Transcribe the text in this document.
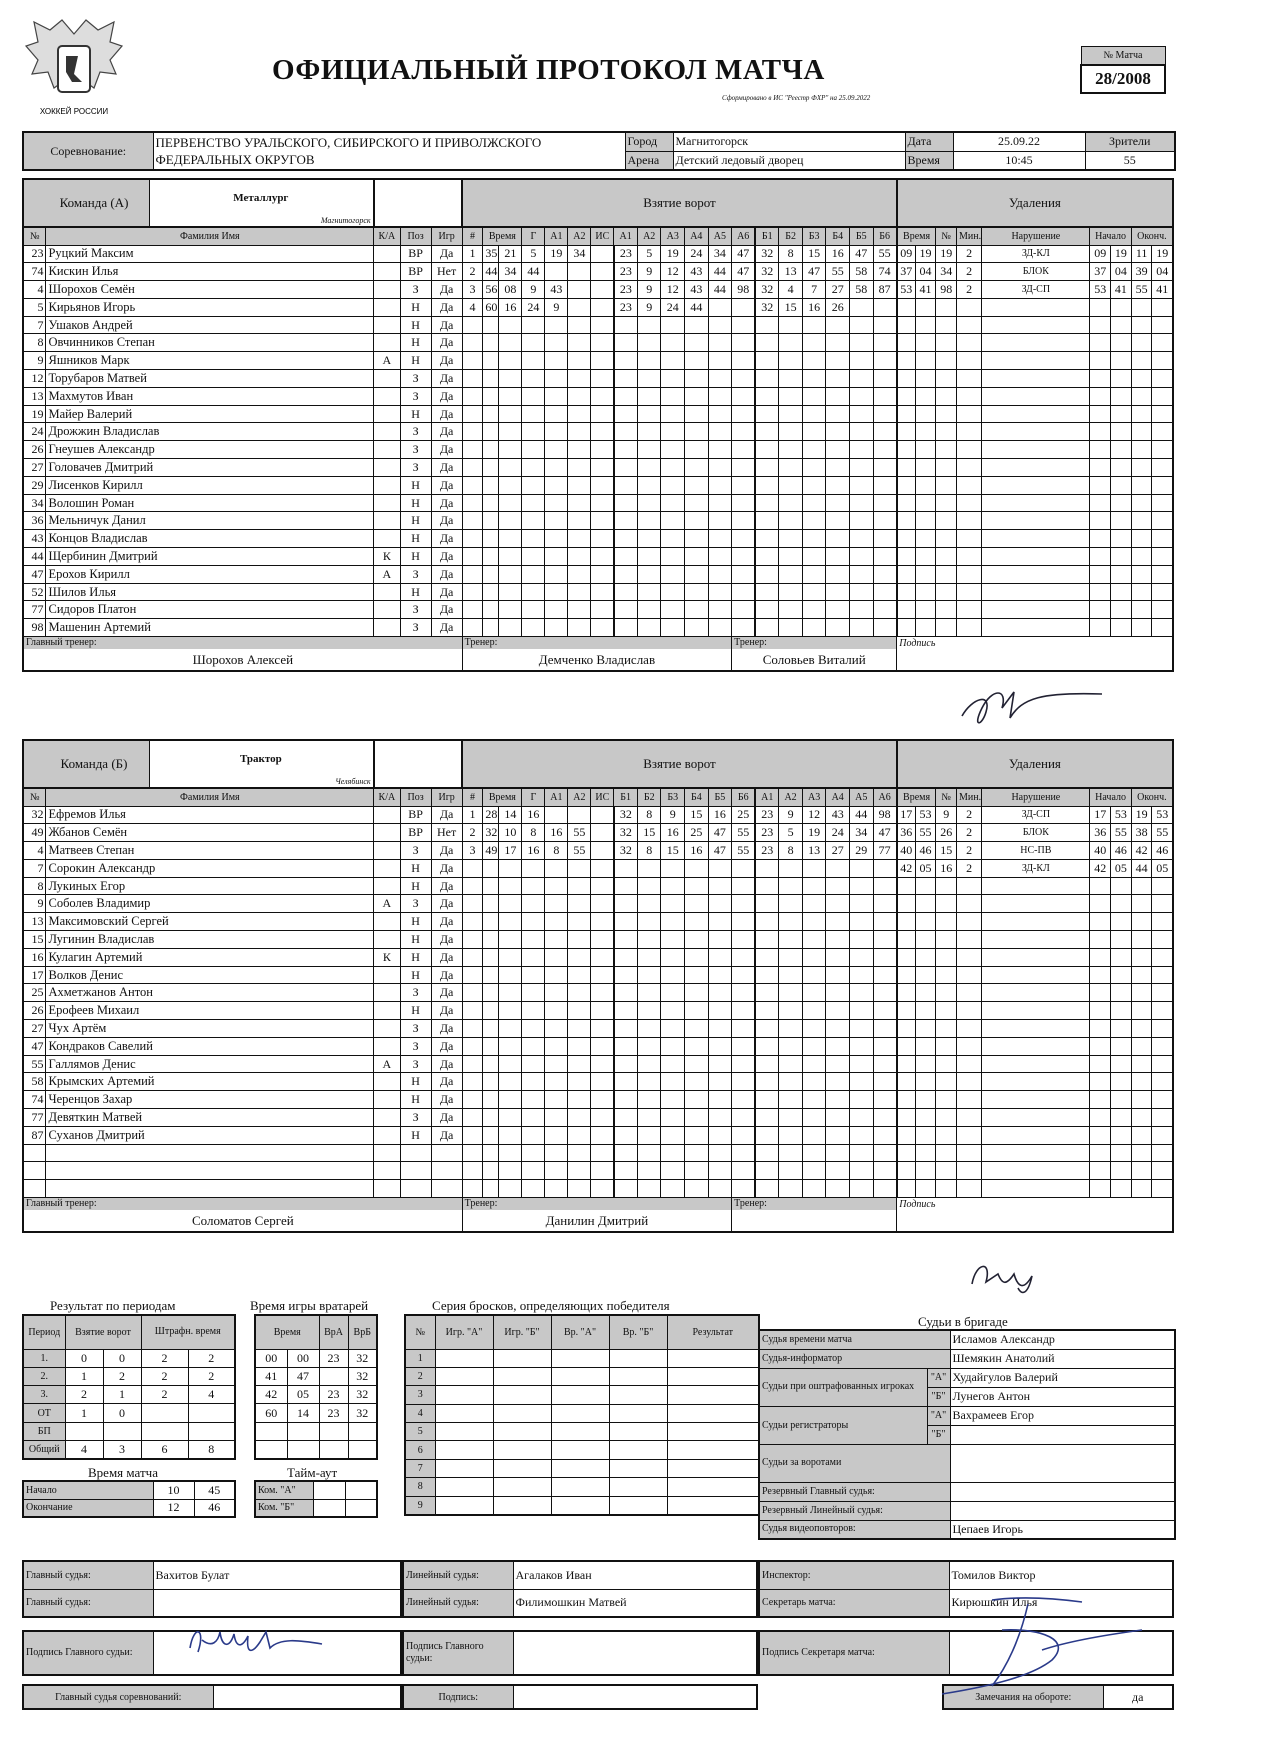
ХОККЕЙ РОССИИ
ОФИЦИАЛЬНЫЙ ПРОТОКОЛ МАТЧА
Сформировано в ИС "Реестр ФХР" на 25.09.2022
№ Матча
28/2008
Соревнование:	ПЕРВЕНСТВО УРАЛЬСКОГО, СИБИРСКОГО И ПРИВОЛЖСКОГО ФЕДЕРАЛЬНЫХ ОКРУГОВ	Город	Магнитогорск	Дата	25.09.22	Зрители
		Арена	Детский ледовый дворец	Время	10:45	55
Команда (А) Металлург
Магнитогорск					Взятие ворот																			Удаления								
№	Фамилия Имя	К/А	Поз	Игр	#	Время		Г	А1	А2	ИС	А1	А2	А3	А4	А5	А6	Б1	Б2	Б3	Б4	Б5	Б6	Время		№	Мин.	Нарушение	Начало		Оконч.	
23	Руцкий Максим		ВР	Да	1	35	21	5	19	34		23	5	19	24	34	47	32	8	15	16	47	55	09	19	19	2	ЗД-КЛ	09	19	11	19
74	Кискин Илья		ВР	Нет	2	44	34	44				23	9	12	43	44	47	32	13	47	55	58	74	37	04	34	2	БЛОК	37	04	39	04
4	Шорохов Семён		З	Да	3	56	08	9	43			23	9	12	43	44	98	32	4	7	27	58	87	53	41	98	2	ЗД-СП	53	41	55	41
5	Кирьянов Игорь		Н	Да	4	60	16	24	9			23	9	24	44			32	15	16	26											
7	Ушаков Андрей		Н	Да																												
8	Овчинников Степан		Н	Да																												
9	Яшников Марк	А	Н	Да																												
12	Торубаров Матвей		З	Да																												
13	Махмутов Иван		З	Да																												
19	Майер Валерий		Н	Да																												
24	Дрожжин Владислав		З	Да																												
26	Гнеушев Александр		З	Да																												
27	Головачев Дмитрий		З	Да																												
29	Лисенков Кирилл		Н	Да																												
34	Волошин Роман		Н	Да																												
36	Мельничук Данил		Н	Да																												
43	Концов Владислав		Н	Да																												
44	Щербинин Дмитрий	К	Н	Да																												
47	Ерохов Кирилл	А	З	Да																												
52	Шилов Илья		Н	Да																												
77	Сидоров Платон		З	Да																												
98	Машенин Артемий		З	Да																												

Главный тренер:
Шорохов Алексей					Тренер:
Демченко Владислав												Тренер:
Соловьев Виталий							Подпись								
Команда (Б) Трактор
Челябинск					Взятие ворот																			Удаления								
№	Фамилия Имя	К/А	Поз	Игр	#	Время		Г	А1	А2	ИС	Б1	Б2	Б3	Б4	Б5	Б6	А1	А2	А3	А4	А5	А6	Время		№	Мин.	Нарушение	Начало		Оконч.	
32	Ефремов Илья		ВР	Да	1	28	14	16				32	8	9	15	16	25	23	9	12	43	44	98	17	53	9	2	ЗД-СП	17	53	19	53
49	Жбанов Семён		ВР	Нет	2	32	10	8	16	55		32	15	16	25	47	55	23	5	19	24	34	47	36	55	26	2	БЛОК	36	55	38	55
4	Матвеев Степан		З	Да	3	49	17	16	8	55		32	8	15	16	47	55	23	8	13	27	29	77	40	46	15	2	НС-ПВ	40	46	42	46
7	Сорокин Александр		Н	Да																				42	05	16	2	ЗД-КЛ	42	05	44	05
8	Лукиных Егор		Н	Да																												
9	Соболев Владимир	А	З	Да																												
13	Максимовский Сергей		Н	Да																												
15	Лугинин Владислав		Н	Да																												
16	Кулагин Артемий	К	Н	Да																												
17	Волков Денис		Н	Да																												
25	Ахметжанов Антон		З	Да																												
26	Ерофеев Михаил		Н	Да																												
27	Чух Артём		З	Да																												
47	Кондраков Савелий		З	Да																												
55	Галлямов Денис	А	З	Да																												
58	Крымских Артемий		Н	Да																												
74	Черенцов Захар		Н	Да																												
77	Девяткин Матвей		З	Да																												
87	Суханов Дмитрий		Н	Да																												

Главный тренер:
Соломатов Сергей					Тренер:
Данилин Дмитрий												Тренер:							Подпись								
Результат по периодам
Период	Взятие ворот		Штрафн. время	
1.	0	0	2	2
2.	1	2	2	2
3.	2	1	2	4
ОТ	1	0		
БП				
Общий	4	3	6	8
Время игры вратарей
Время		ВрА	ВрБ
00	00	23	32
41	47		32
42	05	23	32
60	14	23	32

Время матча
Начало	10	45
Окончание	12	46
Тайм-аут
Ком. "А"		
Ком. "Б"		
Серия бросков, определяющих победителя
№	Игр. "А"	Игр. "Б"	Вр. "А"	Вр. "Б"	Результат
1					
2					
3					
4					
5					
6					
7					
8					
9					
Судьи в бригаде
Судья времени матча		Исламов Александр
Судья-информатор		Шемякин Анатолий
Судьи при оштрафованных игроках	"А"	Худайгулов Валерий
	"Б"	Лунегов Антон
Судьи регистраторы	"А"	Вахрамеев Егор
	"Б"	
Судьи за воротами		
Резервный Главный судья:		
Резервный Линейный судья:		
Судья видеоповторов:		Цепаев Игорь
Главный судья:	Вахитов Булат
Главный судья:	
Линейный судья:	Агалаков Иван
Линейный судья:	Филимошкин Матвей
Инспектор:	Томилов Виктор
Секретарь матча:	Кирюшкин Илья
Подпись Главного судьи:	
Подпись Главного судьи:	
Подпись Секретаря матча:	
Главный судья соревнований:		Подпись:		Замечания на обороте:	да
